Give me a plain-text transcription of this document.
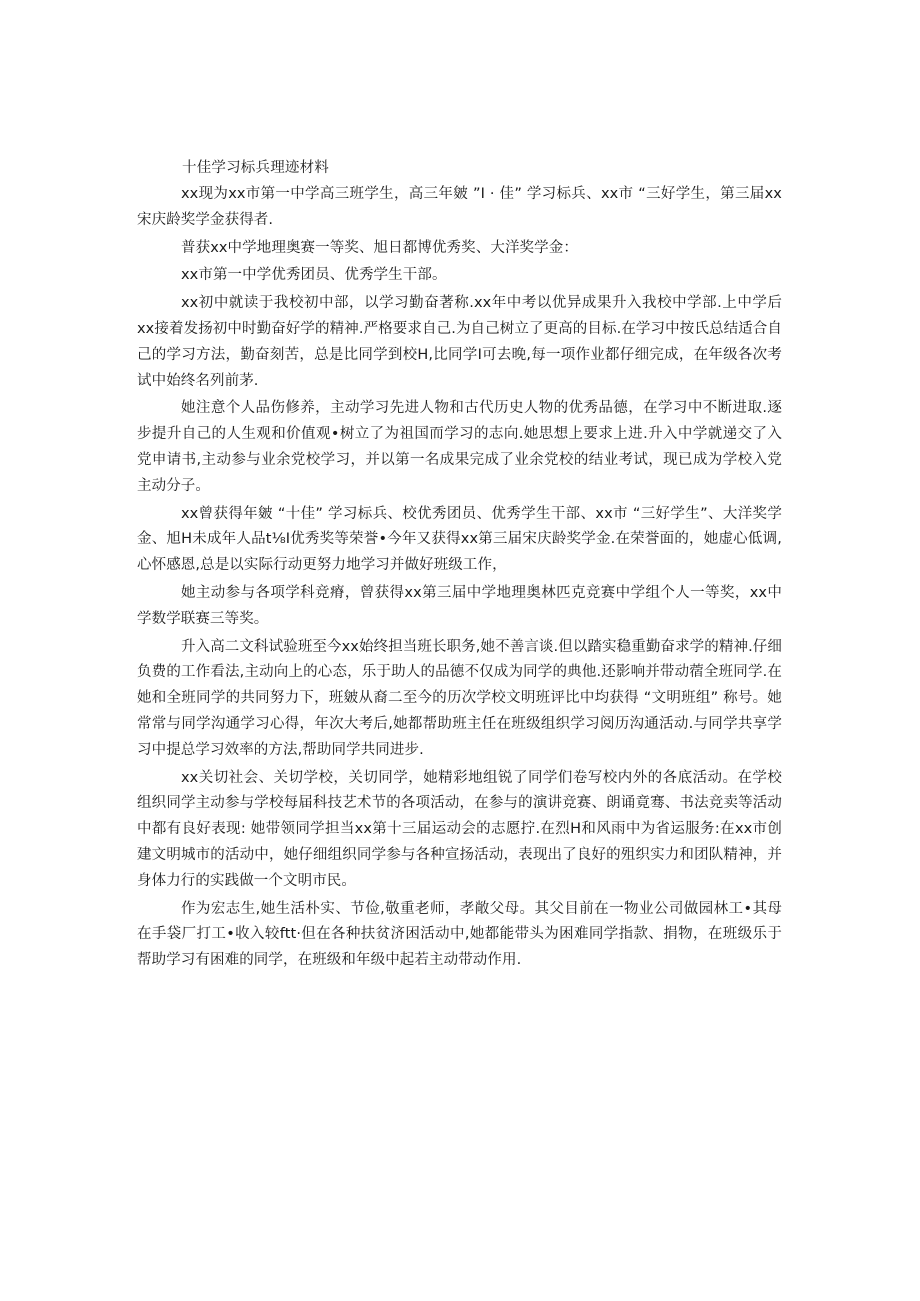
十佳学习标兵理迹材料

xx现为xx市第一中学高三班学生，高三年皴 ”I · 佳” 学习标兵、xx市 “三好学生，第三届xx宋庆龄奖学金获得者.

普获xx中学地理奥赛一等奖、旭日都博优秀奖、大洋奖学金：

xx市第一中学优秀团员、优秀学生干部。

xx初中就读于我校初中部，以学习勤奋著称.xx年中考以优异成果升入我校中学部.上中学后xx接着发扬初中时勤奋好学的精神.严格要求自己.为自己树立了更高的目标.在学习中按氏总结适合自己的学习方法，勤奋刻苦，总是比同学到校H,比同学I可去晚,每一项作业都仔细完成，在年级各次考试中始终名列前茅.

她注意个人品伤修养，主动学习先进人物和古代历史人物的优秀品德，在学习中不断进取.逐步提升自己的人生观和价值观•树立了为祖国而学习的志向.她思想上要求上进.升入中学就递交了入党申请书,主动参与业余党校学习，并以第一名成果完成了业余党校的结业考试，现已成为学校入党主动分子。

xx曾获得年皴 “十佳” 学习标兵、校优秀团员、优秀学生干部、xx市 “三好学生”、大洋奖学金、旭H未成年人品t⅛I优秀奖等荣誉•今年又获得xx第三届宋庆龄奖学金.在荣誉面的，她虚心低调,心怀感恩,总是以实际行动更努力地学习并做好班级工作，

她主动参与各项学科竞瘠，曾获得xx第三届中学地理奥林匹克竞赛中学组个人一等奖，xx中学数学联赛三等奖。

升入高二文科试验班至今xx始终担当班长职务,她不善言谈.但以踏实稳重勤奋求学的精神.仔细负费的工作看法,主动向上的心态，乐于助人的品德不仅成为同学的典他.还影响并带动蓿全班同学.在她和全班同学的共同努力下，班皴从裔二至今的历次学校文明班评比中均获得 “文明班组” 称号。她常常与同学沟通学习心得，年次大考后,她都帮助班主任在班级组织学习阅历沟通活动.与同学共享学习中提总学习效率的方法,帮助同学共同进步.

xx关切社会、关切学校，关切同学，她精彩地组锐了同学们卷写校内外的各底活动。在学校组织同学主动参与学校每届科技艺术节的各项活动，在参与的演讲竞赛、朗诵竟骞、书法竞卖等活动中都有良好表现: 她带领同学担当xx第十三届运动会的志愿拧.在烈H和风雨中为省运服务:在xx市创建文明城市的活动中，她仔细组织同学参与各种宣扬活动，表现出了良好的殂织实力和团队精神，并身体力行的实践做一个文明市民。

作为宏志生,她生活朴实、节俭,敬重老师，孝敞父母。其父目前在一物业公司做园林工•其母在手袋厂打工•收入较ftt·但在各种扶贫济困活动中,她都能带头为困难同学指款、捐物，在班级乐于帮助学习有困难的同学，在班级和年级中起若主动带动作用.
